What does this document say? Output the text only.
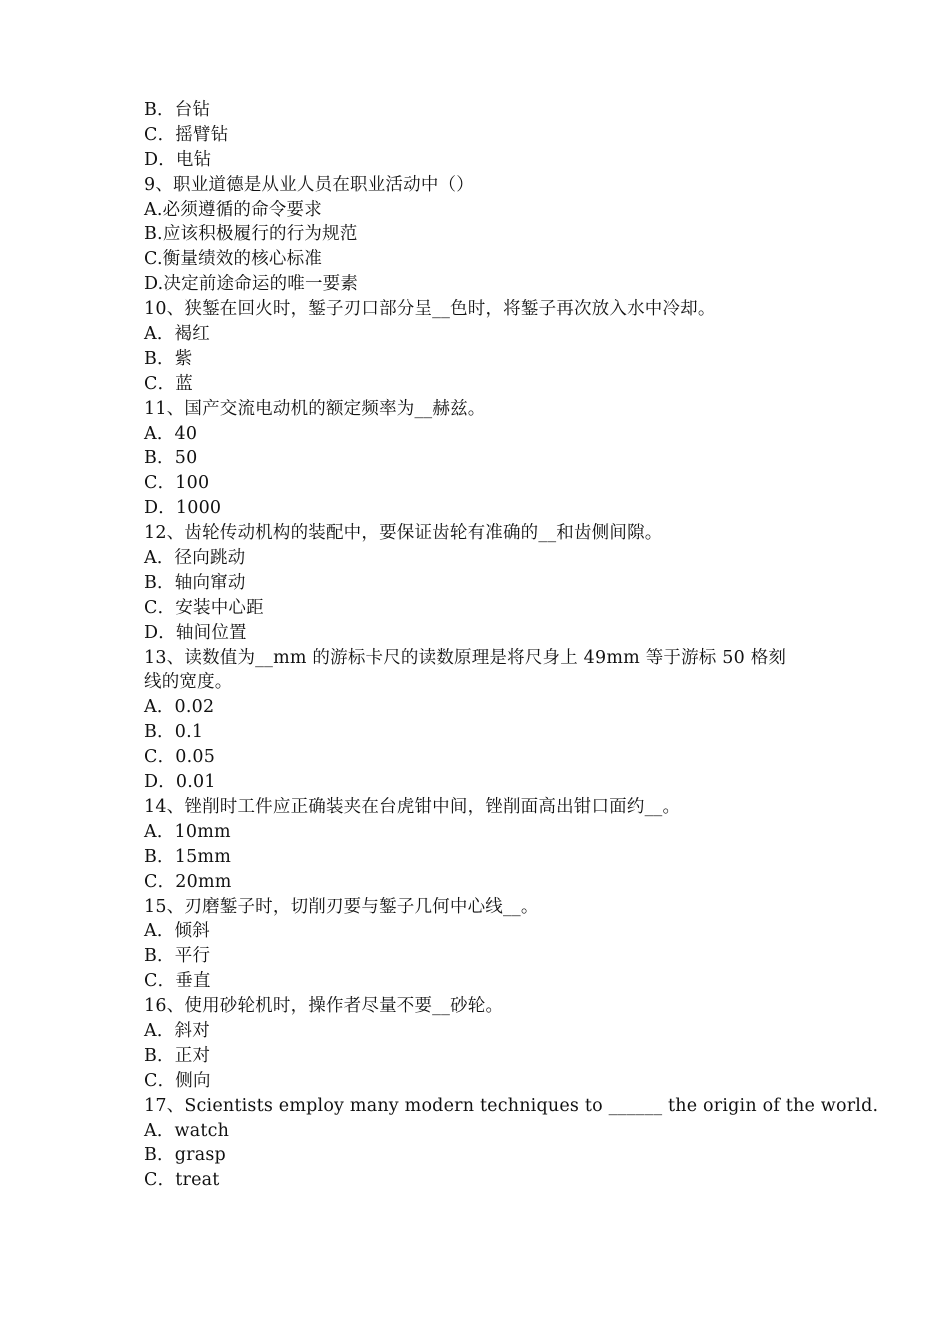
B．台钻
C．摇臂钻
D．电钻
9、职业道德是从业人员在职业活动中（）
A.必须遵循的命令要求
B.应该积极履行的行为规范
C.衡量绩效的核心标准
D.决定前途命运的唯一要素
10、狭錾在回火时，錾子刃口部分呈__色时，将錾子再次放入水中冷却。
A．褐红
B．紫
C．蓝
11、国产交流电动机的额定频率为__赫兹。
A．40
B．50
C．100
D．1000
12、齿轮传动机构的装配中，要保证齿轮有准确的__和齿侧间隙。
A．径向跳动
B．轴向窜动
C．安装中心距
D．轴间位置
13、读数值为__mm 的游标卡尺的读数原理是将尺身上 49mm 等于游标 50 格刻
线的宽度。
A．0.02
B．0.1
C．0.05
D．0.01
14、锉削时工件应正确装夹在台虎钳中间，锉削面高出钳口面约__。
A．10mm
B．15mm
C．20mm
15、刃磨錾子时，切削刃要与錾子几何中心线__。
A．倾斜
B．平行
C．垂直
16、使用砂轮机时，操作者尽量不要__砂轮。
A．斜对
B．正对
C．侧向
17、Scientists employ many modern techniques to ______ the origin of the world.
A．watch
B．grasp
C．treat
